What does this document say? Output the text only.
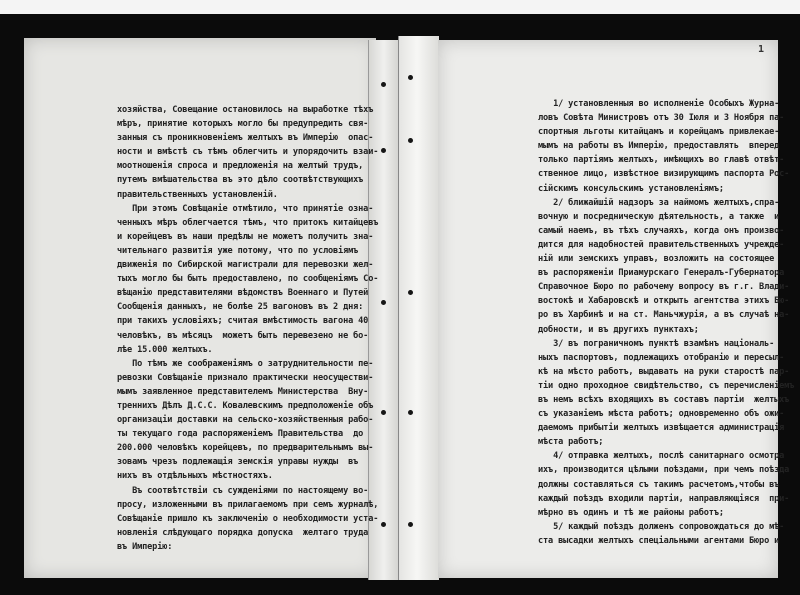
1
хозяйства, Совещание остановилось на выработке тѣхъ
мѣръ, принятие которыхъ могло бы предупредить свя-
занныя съ проникновеніемъ желтыхъ въ Имперію  опас-
ности и вмѣстѣ съ тѣмъ облегчить и упорядочить взаи-
моотношенія спроса и предложенія на желтый трудъ,
путемъ вмѣшательства въ это дѣло соотвѣтствующихъ
правительственныхъ установленій.
При этомъ Совѣщаніе отмѣтило, что принятіе озна-
ченныхъ мѣръ облегчается тѣмъ, что притокъ китайцевъ
и корейцевъ въ наши предѣлы не можетъ получить зна-
чительнаго развитія уже потому, что по условіямъ
движенія по Сибирской магистрали для перевозки жел-
тыхъ могло бы быть предоставлено, по сообщеніямъ Со-
вѣщанію представителями вѣдомствъ Военнаго и Путей
Сообщенія данныхъ, не болѣе 25 вагоновъ въ 2 дня:
при такихъ условіяхъ; считая вмѣстимость вагона 40
человѣкъ, въ мѣсяцъ  можетъ быть перевезено не бо-
лѣе 15.000 желтыхъ.
По тѣмъ же соображеніямъ о затруднительности пе-
ревозки Совѣщаніе признало практически неосуществи-
мымъ заявленное представителемъ Министерства  Вну-
треннихъ Дѣлъ Д.С.С. Ковалевскимъ предположеніе объ
организаціи доставки на сельско-хозяйственныя рабо-
ты текущаго года распоряженіемъ Правительства  до
200.000 человѣкъ корейцевъ, по предварительнымъ вы-
зовамъ чрезъ подлежащія земскія управы нужды  въ
нихъ въ отдѣльныхъ мѣстностяхъ.
Въ соотвѣтствіи съ сужденіями по настоящему во-
просу, изложенными въ прилагаемомъ при семъ журналѣ,
Совѣщаніе пришло къ заключенію о необходимости уста-
новленія слѣдующаго порядка допуска  желтаго труда
въ Имперію:
1/ установленныя во исполненіе Особыхъ Журна-
ловъ Совѣта Министровъ отъ 30 Іюля и 3 Ноября па-
спортныя льготы китайцамъ и корейцамъ привлекае-
мымъ на работы въ Имперію, предоставлять  вперед
только партіямъ желтыхъ, имѣющихъ во главѣ отвѣт-
ственное лицо, извѣстное визирующимъ паспорта Рос-
сійскимъ консульскимъ установленіямъ;
2/ ближайшій надзоръ за наймомъ желтыхъ,спра-
вочную и посредническую дѣятельность, а также  и
самый наемъ, въ тѣхъ случаяхъ, когда онъ произво-
дится для надобностей правительственныхъ учрежде-
ній или земскихъ управъ, возложить на состоящее
въ распоряженіи Приамурскаго Генералъ-Губернатора
Справочное Бюро по рабочему вопросу въ г.г. Влади-
востокѣ и Хабаровскѣ и открыть агентства этихъ Бю-
ро въ Харбинѣ и на ст. Маньчжурія, а въ случаѣ на-
добности, и въ другихъ пунктахъ;
3/ въ пограничномъ пунктѣ взамѣнъ національ-
ныхъ паспортовъ, подлежащихъ отобранію и пересыл-
кѣ на мѣсто работъ, выдавать на руки старостѣ пар-
тіи одно проходное свидѣтельство, съ перечисленіемъ
въ немъ всѣхъ входящихъ въ составъ партіи  желтыхъ
съ указаніемъ мѣста работъ; одновременно объ ожи-
даемомъ прибытіи желтыхъ извѣщается администрація
мѣста работъ;
4/ отправка желтыхъ, послѣ санитарнаго осмотра
ихъ, производится цѣлыми поѣздами, при чемъ поѣзда
должны составляться съ такимъ расчетомъ,чтобы въ
каждый поѣздъ входили партіи, направляющіяся  при-
мѣрно въ одинъ и тѣ же районы работъ;
5/ каждый поѣздъ долженъ сопровождаться до мѣ-
ста высадки желтыхъ спеціальными агентами Бюро и
